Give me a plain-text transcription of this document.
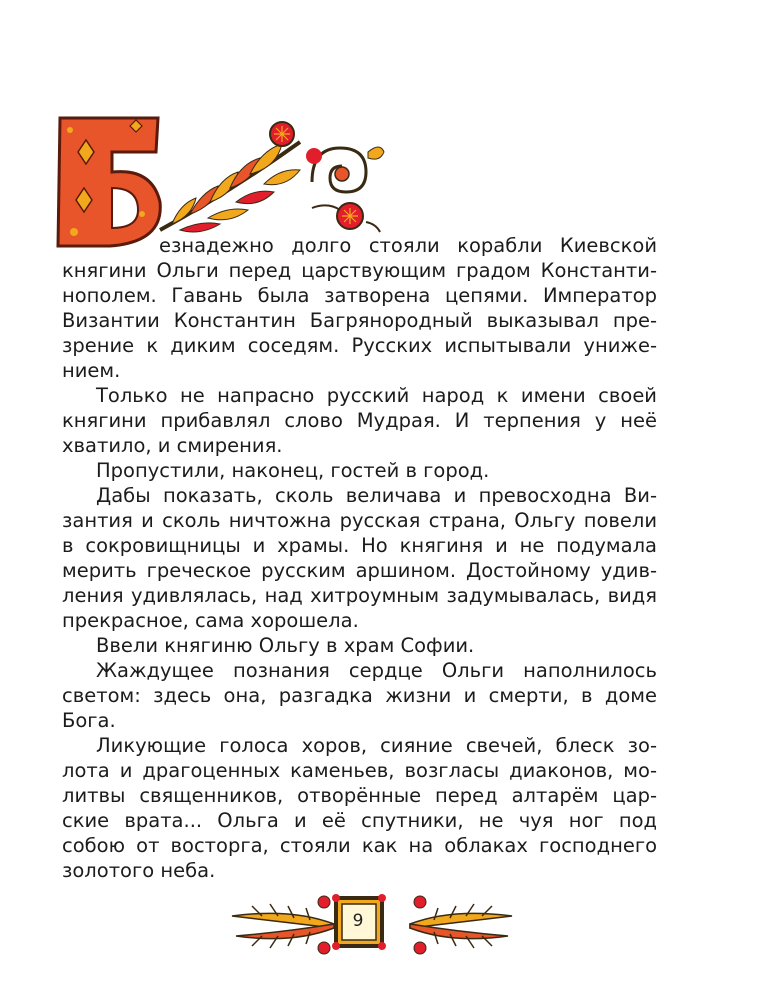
езнадежно долго стояли корабли Киевской
княгини Ольги перед царствующим градом Константи-
нополем. Гавань была затворена цепями. Император
Византии Константин Багрянородный выказывал пре-
зрение к диким соседям. Русских испытывали униже-
нием.
Только не напрасно русский народ к имени своей
княгини прибавлял слово Мудрая. И терпения у неё
хватило, и смирения.
Пропустили, наконец, гостей в город.
Дабы показать, сколь величава и превосходна Ви-
зантия и сколь ничтожна русская страна, Ольгу повели
в сокровищницы и храмы. Но княгиня и не подумала
мерить греческое русским аршином. Достойному удив-
ления удивлялась, над хитроумным задумывалась, видя
прекрасное, сама хорошела.
Ввели княгиню Ольгу в храм Софии.
Жаждущее познания сердце Ольги наполнилось
светом: здесь она, разгадка жизни и смерти, в доме
Бога.
Ликующие голоса хоров, сияние свечей, блеск зо-
лота и драгоценных каменьев, возгласы диаконов, мо-
литвы священников, отворённые перед алтарём цар-
ские врата... Ольга и её спутники, не чуя ног под
собою от восторга, стояли как на облаках господнего
золотого неба.
9
